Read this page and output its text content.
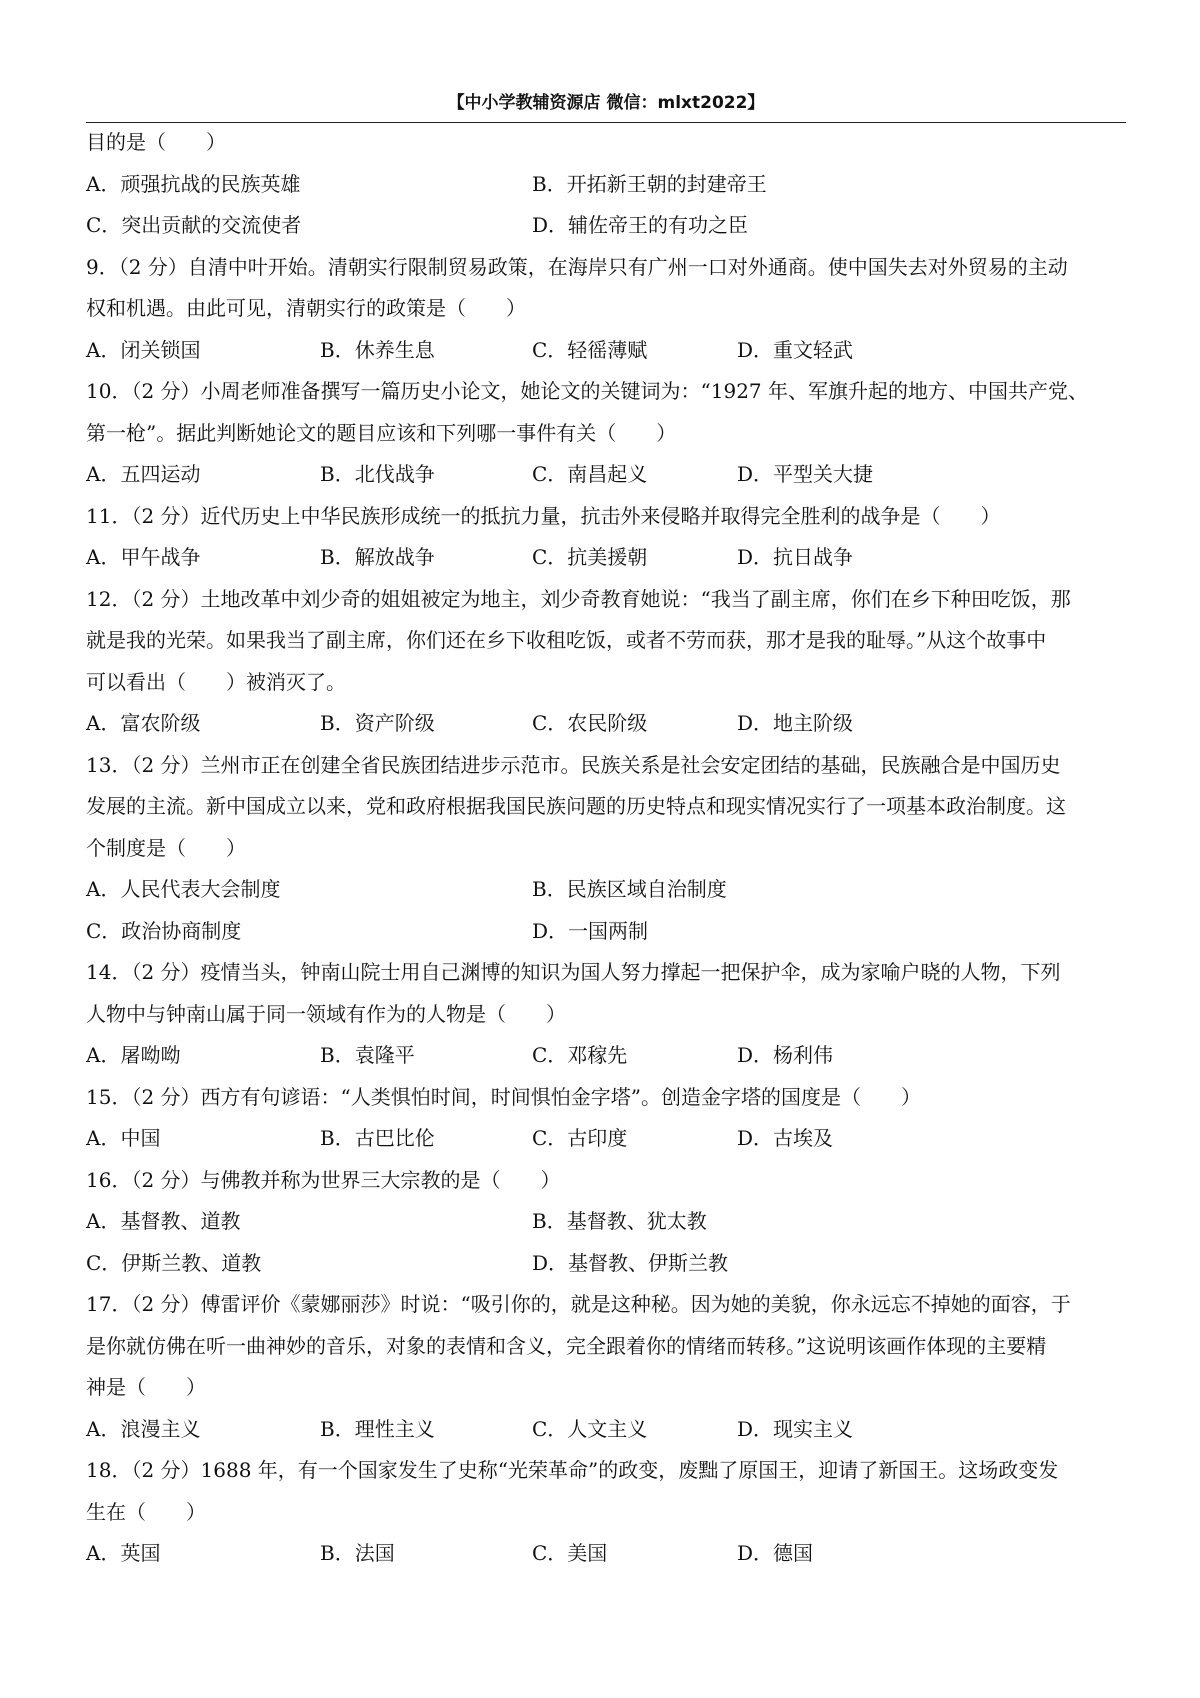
【中小学教辅资源店 微信：mlxt2022】
目的是（　　）
A．顽强抗战的民族英雄	B．开拓新王朝的封建帝王
C．突出贡献的交流使者	D．辅佐帝王的有功之臣
9．（2 分）自清中叶开始。清朝实行限制贸易政策，在海岸只有广州一口对外通商。使中国失去对外贸易的主动
权和机遇。由此可见，清朝实行的政策是（　　）
A．闭关锁国	B．休养生息	C．轻徭薄赋	D．重文轻武
10．（2 分）小周老师准备撰写一篇历史小论文，她论文的关键词为：“1927 年、军旗升起的地方、中国共产党、
第一枪”。据此判断她论文的题目应该和下列哪一事件有关（　　）
A．五四运动	B．北伐战争	C．南昌起义	D．平型关大捷
11．（2 分）近代历史上中华民族形成统一的抵抗力量，抗击外来侵略并取得完全胜利的战争是（　　）
A．甲午战争	B．解放战争	C．抗美援朝	D．抗日战争
12．（2 分）土地改革中刘少奇的姐姐被定为地主，刘少奇教育她说：“我当了副主席，你们在乡下种田吃饭，那
就是我的光荣。如果我当了副主席，你们还在乡下收租吃饭，或者不劳而获，那才是我的耻辱。”从这个故事中
可以看出（　　）被消灭了。
A．富农阶级	B．资产阶级	C．农民阶级	D．地主阶级
13．（2 分）兰州市正在创建全省民族团结进步示范市。民族关系是社会安定团结的基础，民族融合是中国历史
发展的主流。新中国成立以来，党和政府根据我国民族问题的历史特点和现实情况实行了一项基本政治制度。这
个制度是（　　）
A．人民代表大会制度	B．民族区域自治制度
C．政治协商制度	D．一国两制
14．（2 分）疫情当头，钟南山院士用自己渊博的知识为国人努力撑起一把保护伞，成为家喻户晓的人物，下列
人物中与钟南山属于同一领域有作为的人物是（　　）
A．屠呦呦	B．袁隆平	C．邓稼先	D．杨利伟
15．（2 分）西方有句谚语：“人类惧怕时间，时间惧怕金字塔”。创造金字塔的国度是（　　）
A．中国	B．古巴比伦	C．古印度	D．古埃及
16．（2 分）与佛教并称为世界三大宗教的是（　　）
A．基督教、道教	B．基督教、犹太教
C．伊斯兰教、道教	D．基督教、伊斯兰教
17．（2 分）傅雷评价《蒙娜丽莎》时说：“吸引你的，就是这种秘。因为她的美貌，你永远忘不掉她的面容，于
是你就仿佛在听一曲神妙的音乐，对象的表情和含义，完全跟着你的情绪而转移。”这说明该画作体现的主要精
神是（　　）
A．浪漫主义	B．理性主义	C．人文主义	D．现实主义
18．（2 分）1688 年，有一个国家发生了史称“光荣革命”的政变，废黜了原国王，迎请了新国王。这场政变发
生在（　　）
A．英国	B．法国	C．美国	D．德国
